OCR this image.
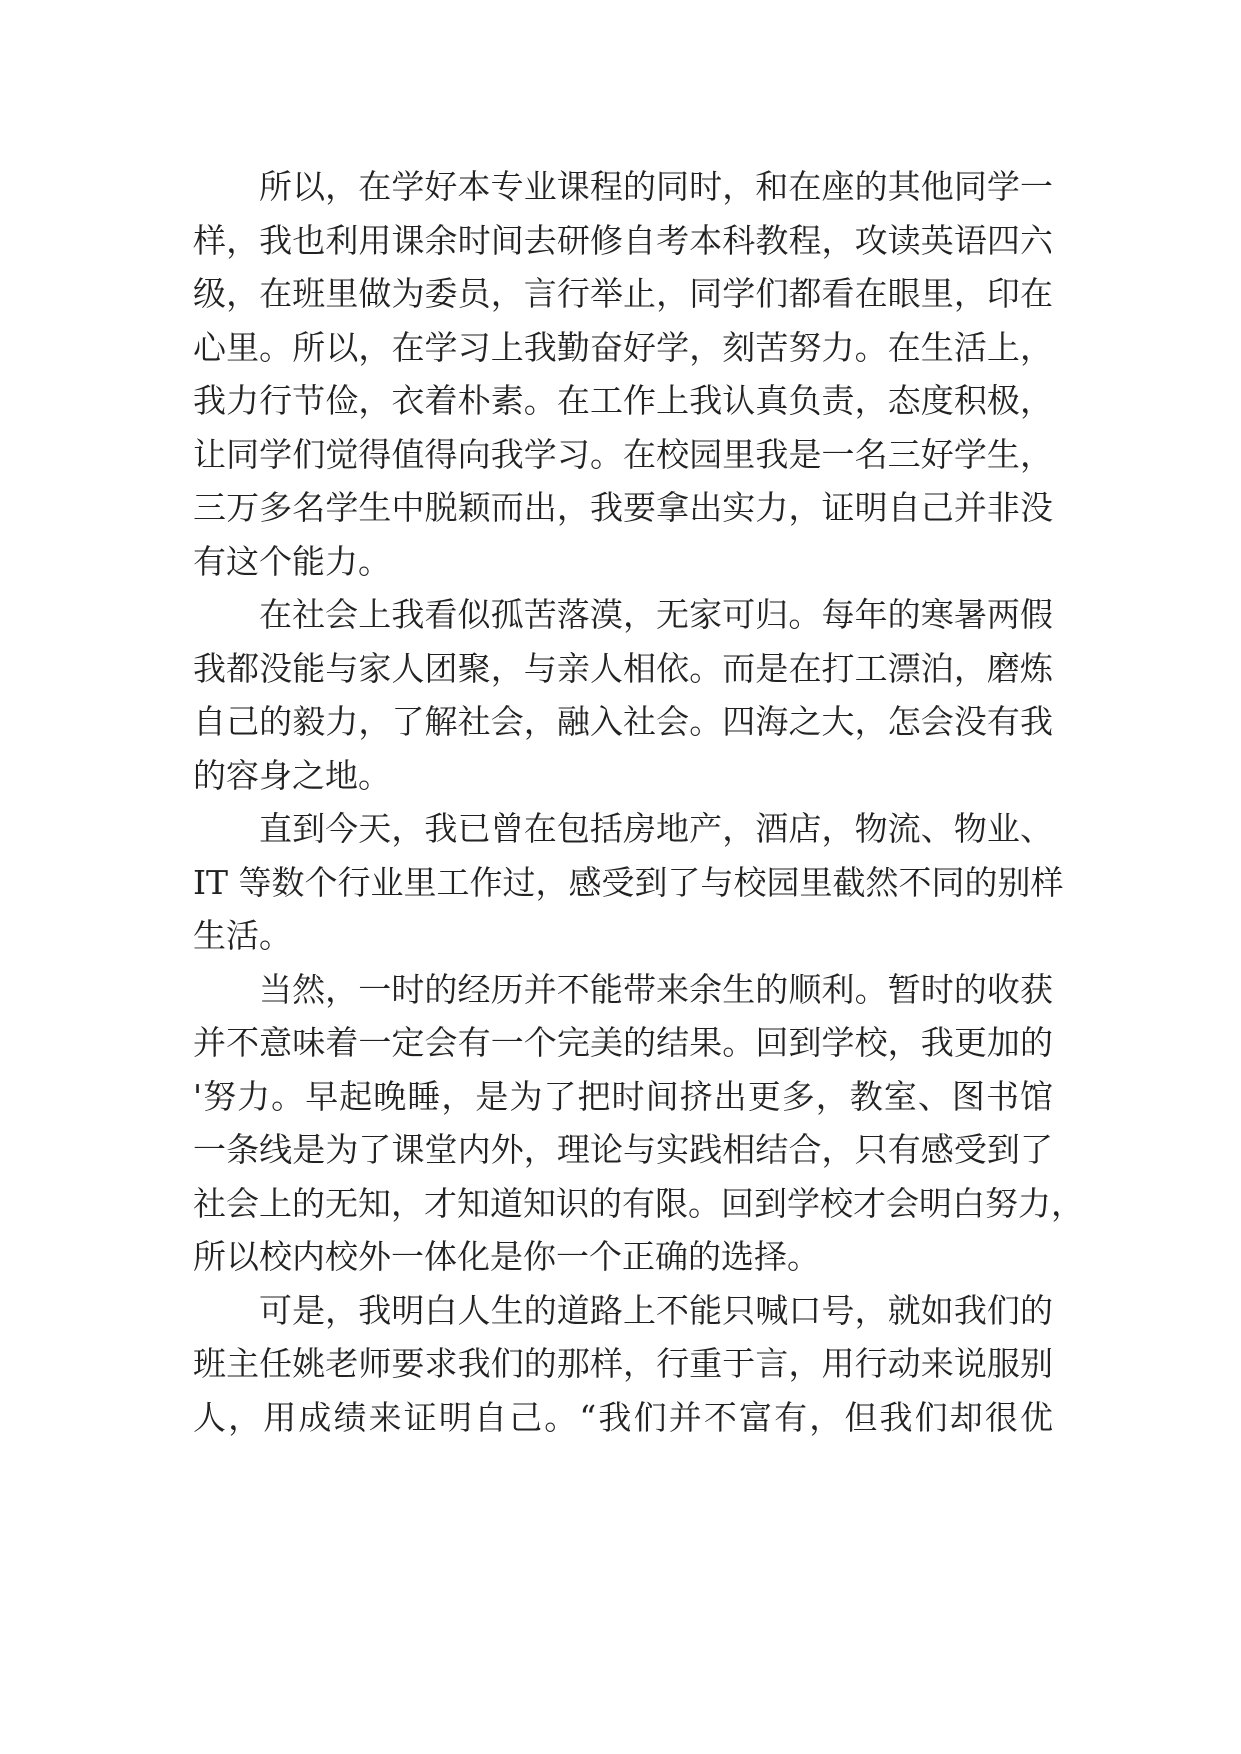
所以，在学好本专业课程的同时，和在座的其他同学一
样，我也利用课余时间去研修自考本科教程，攻读英语四六
级，在班里做为委员，言行举止，同学们都看在眼里，印在
心里。所以，在学习上我勤奋好学，刻苦努力。在生活上，
我力行节俭，衣着朴素。在工作上我认真负责，态度积极，
让同学们觉得值得向我学习。在校园里我是一名三好学生，
三万多名学生中脱颖而出，我要拿出实力，证明自己并非没
有这个能力。
在社会上我看似孤苦落漠，无家可归。每年的寒暑两假
我都没能与家人团聚，与亲人相依。而是在打工漂泊，磨炼
自己的毅力，了解社会，融入社会。四海之大，怎会没有我
的容身之地。
直到今天，我已曾在包括房地产，酒店，物流、物业、
IT 等数个行业里工作过，感受到了与校园里截然不同的别样
生活。
当然，一时的经历并不能带来余生的顺利。暂时的收获
并不意味着一定会有一个完美的结果。回到学校，我更加的
'努力。早起晚睡，是为了把时间挤出更多，教室、图书馆
一条线是为了课堂内外，理论与实践相结合，只有感受到了
社会上的无知，才知道知识的有限。回到学校才会明白努力，
所以校内校外一体化是你一个正确的选择。
可是，我明白人生的道路上不能只喊口号，就如我们的
班主任姚老师要求我们的那样，行重于言，用行动来说服别
人，用成绩来证明自己。“我们并不富有，但我们却很优
